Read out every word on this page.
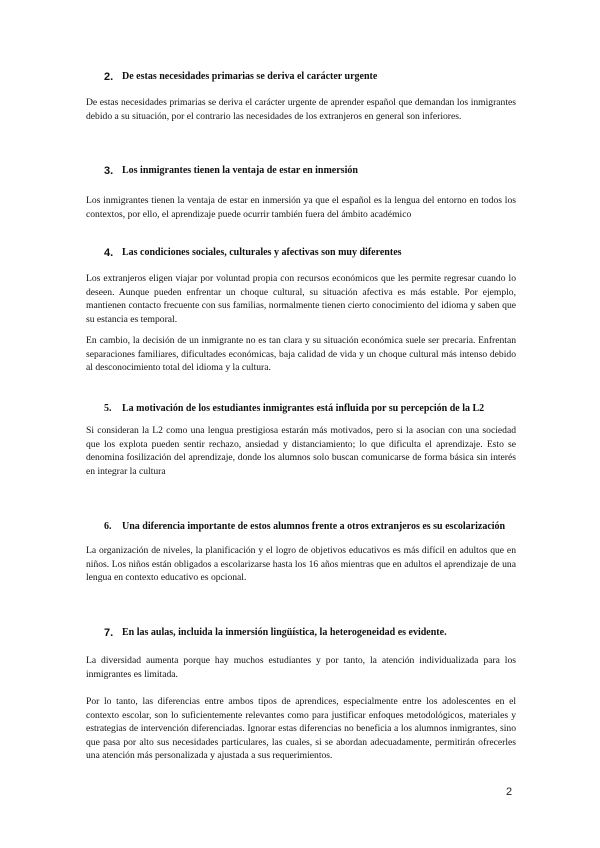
2. De estas necesidades primarias se deriva el carácter urgente

De estas necesidades primarias se deriva el carácter urgente de aprender español que demandan los inmigrantes debido a su situación, por el contrario las necesidades de los extranjeros en general son inferiores.

3. Los inmigrantes tienen la ventaja de estar en inmersión

Los inmigrantes tienen la ventaja de estar en inmersión ya que el español es la lengua del entorno en todos los contextos, por ello, el aprendizaje puede ocurrir también fuera del ámbito académico

4. Las condiciones sociales, culturales y afectivas son muy diferentes

Los extranjeros eligen viajar por voluntad propia con recursos económicos que les permite regresar cuando lo deseen. Aunque pueden enfrentar un choque cultural, su situación afectiva es más estable. Por ejemplo, mantienen contacto frecuente con sus familias, normalmente tienen cierto conocimiento del idioma y saben que su estancia es temporal.

En cambio, la decisión de un inmigrante no es tan clara y su situación económica suele ser precaria. Enfrentan separaciones familiares, dificultades económicas, baja calidad de vida y un choque cultural más intenso debido al desconocimiento total del idioma y la cultura.

5.	La motivación de los estudiantes inmigrantes está influida por su percepción de la L2

Si consideran la L2 como una lengua prestigiosa estarán más motivados, pero si la asocian con una sociedad que los explota pueden sentir rechazo, ansiedad y distanciamiento; lo que dificulta el aprendizaje. Esto se denomina fosilización del aprendizaje, donde los alumnos solo buscan comunicarse de forma básica sin interés en integrar la cultura

6.	Una diferencia importante de estos alumnos frente a otros extranjeros es su escolarización

La organización de niveles, la planificación y el logro de objetivos educativos es más difícil en adultos que en niños. Los niños están obligados a escolarizarse hasta los 16 años mientras que en adultos el aprendizaje de una lengua en contexto educativo es opcional.

7. En las aulas, incluida la inmersión lingüística, la heterogeneidad es evidente.

La diversidad aumenta porque hay muchos estudiantes y por tanto, la atención individualizada para los inmigrantes es limitada.

Por lo tanto, las diferencias entre ambos tipos de aprendices, especialmente entre los adolescentes en el contexto escolar, son lo suficientemente relevantes como para justificar enfoques metodológicos, materiales y estrategias de intervención diferenciadas. Ignorar estas diferencias no beneficia a los alumnos inmigrantes, sino que pasa por alto sus necesidades particulares, las cuales, si se abordan adecuadamente, permitirán ofrecerles una atención más personalizada y ajustada a sus requerimientos.

2
